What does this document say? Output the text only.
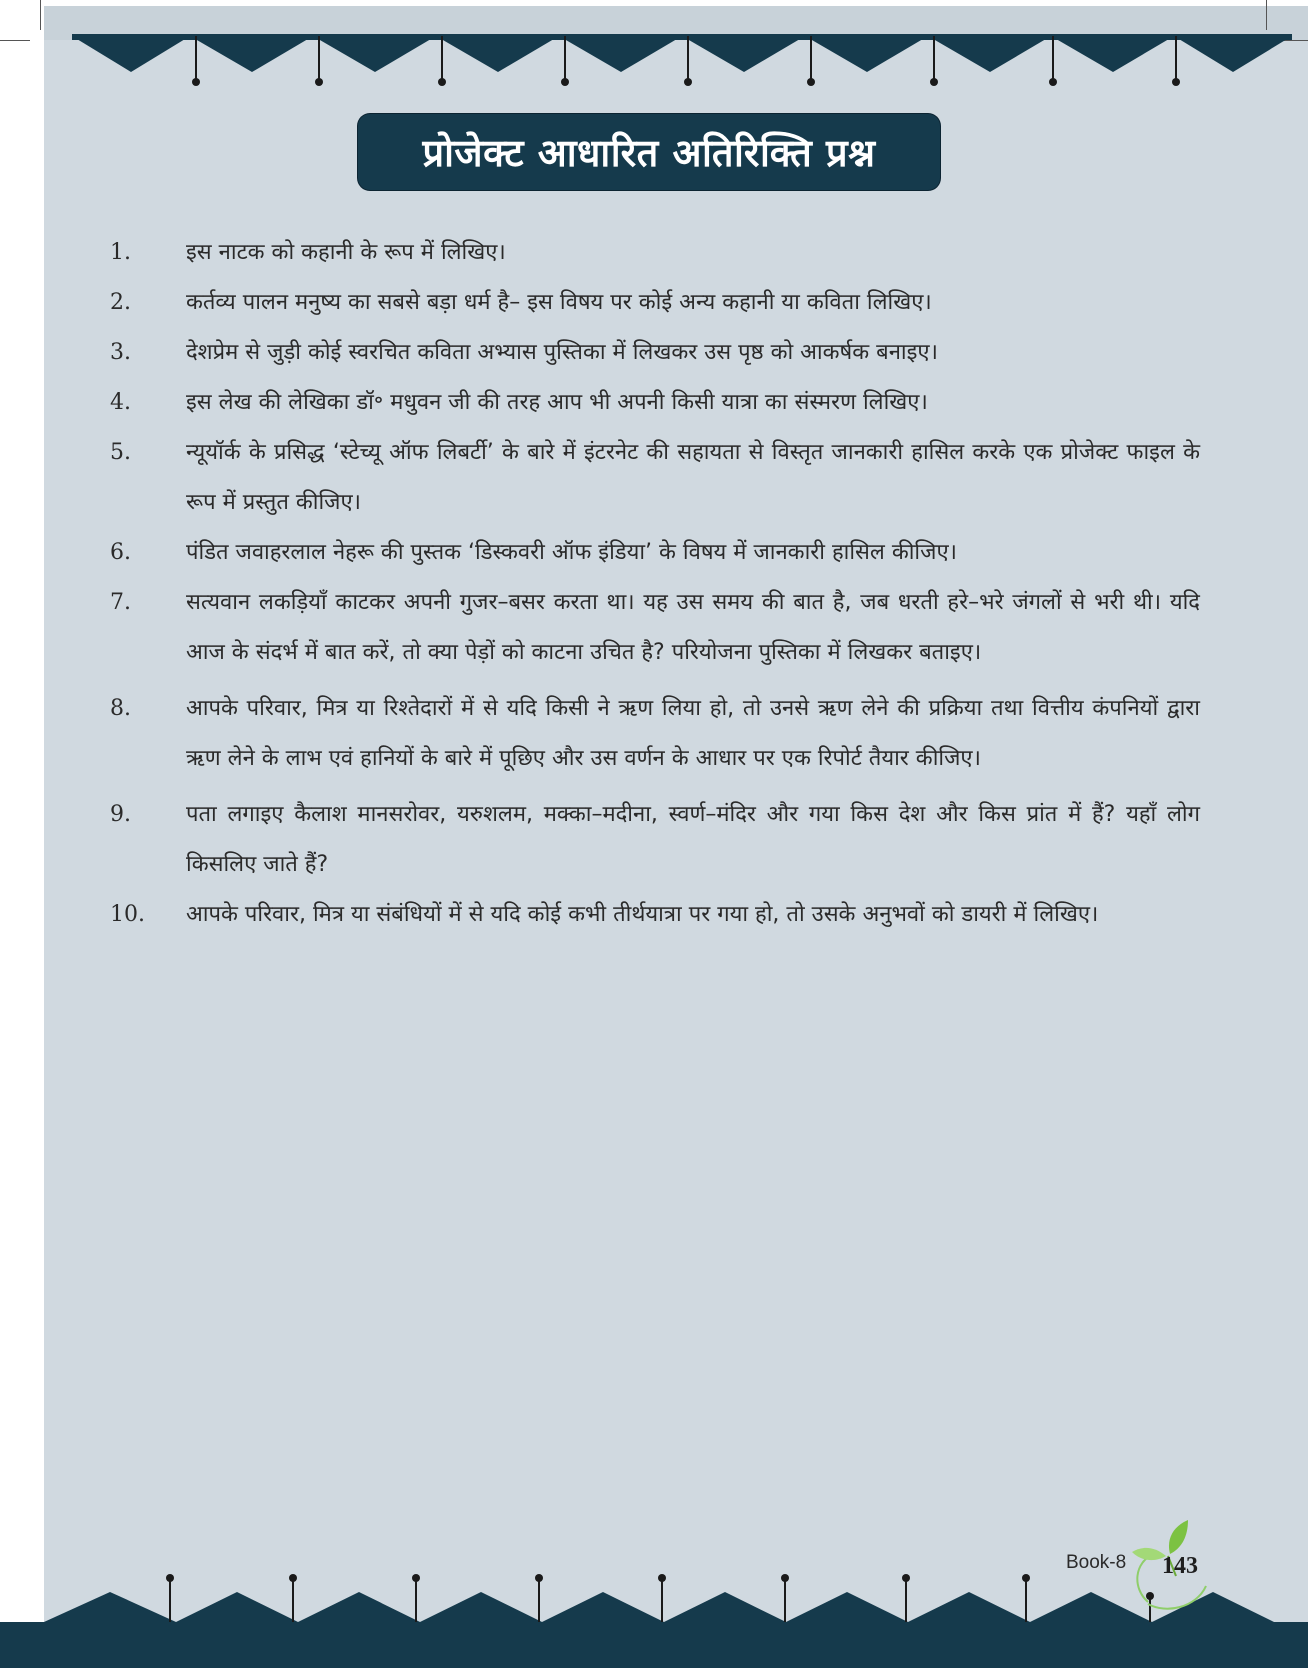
प्रोजेक्ट आधारित अतिरिक्ति प्रश्न
1.	इस नाटक को कहानी के रूप में लिखिए।

2.	कर्तव्य पालन मनुष्य का सबसे बड़ा धर्म है– इस विषय पर कोई अन्य कहानी या कविता लिखिए।

3.	देशप्रेम से जुड़ी कोई स्वरचित कविता अभ्यास पुस्तिका में लिखकर उस पृष्ठ को आकर्षक बनाइए।

4.	इस लेख की लेखिका डॉ॰ मधुवन जी की तरह आप भी अपनी किसी यात्रा का संस्मरण लिखिए।

5.	न्यूयॉर्क के प्रसिद्ध ‘स्टेच्यू ऑफ लिबर्टी’ के बारे में इंटरनेट की सहायता से विस्तृत जानकारी हासिल करके एक प्रोजेक्ट फाइल के रूप में प्रस्तुत कीजिए।

6.	पंडित जवाहरलाल नेहरू की पुस्तक ‘डिस्कवरी ऑफ इंडिया’ के विषय में जानकारी हासिल कीजिए।

7.	सत्यवान लकड़ियाँ काटकर अपनी गुजर–बसर करता था। यह उस समय की बात है, जब धरती हरे–भरे जंगलों से भरी थी। यदि आज के संदर्भ में बात करें, तो क्या पेड़ों को काटना उचित है? परियोजना पुस्तिका में लिखकर बताइए।

8.	आपके परिवार, मित्र या रिश्तेदारों में से यदि किसी ने ऋण लिया हो, तो उनसे ऋण लेने की प्रक्रिया तथा वित्तीय कंपनियों द्वारा ऋण लेने के लाभ एवं हानियों के बारे में पूछिए और उस वर्णन के आधार पर एक रिपोर्ट तैयार कीजिए।

9.	पता लगाइए कैलाश मानसरोवर, यरुशलम, मक्का–मदीना, स्वर्ण–मंदिर और गया किस देश और किस प्रांत में हैं? यहाँ लोग किसलिए जाते हैं?

10. आपके परिवार, मित्र या संबंधियों में से यदि कोई कभी तीर्थयात्रा पर गया हो, तो उसके अनुभवों को डायरी में लिखिए।

Book-8	143
